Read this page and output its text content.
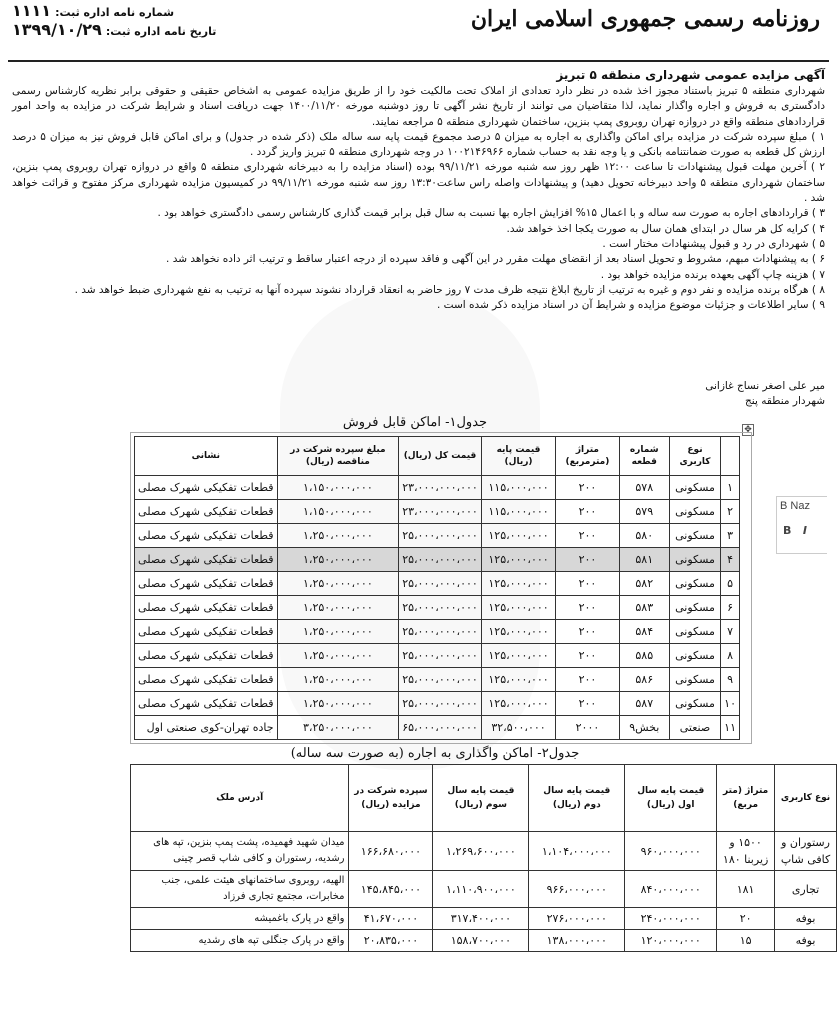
روزنامه رسمی جمهوری اسلامی ایران
شماره نامه اداره ثبت:۱۱۱۱
تاریخ نامه اداره ثبت:۱۳۹۹/۱۰/۲۹
آگهی مزایده عمومی شهرداری منطقه ۵ تبریز

شهرداری منطقه ۵ تبریز باستناد مجوز اخذ شده در نظر دارد تعدادی از املاک تحت مالکیت خود را از طریق مزایده عمومی به اشخاص حقیقی و حقوقی برابر نظریه کارشناس رسمی دادگستری به فروش و اجاره واگذار نماید، لذا متقاضیان می توانند از تاریخ نشر آگهی تا روز دوشنبه مورخه ۱۴۰۰/۱۱/۲۰ جهت دریافت اسناد و شرایط شرکت در مزایده به واحد امور قراردادهای منطقه واقع در دروازه تهران روبروی پمپ بنزین، ساختمان شهرداری منطقه ۵ مراجعه نمایند.

۱ ) مبلغ سپرده شرکت در مزایده برای اماکن واگذاری به اجاره به میزان ۵ درصد مجموع قیمت پایه سه ساله ملک (ذکر شده در جدول) و برای اماکن قابل فروش نیز به میزان ۵ درصد ارزش کل قطعه به صورت ضمانتنامه بانکی و یا وجه نقد به حساب شماره ۱۰۰۲۱۴۶۹۶۶ در وجه شهرداری منطقه ۵ تبریز واریز گردد .

۲ ) آخرین مهلت قبول پیشنهادات تا ساعت ۱۲:۰۰ ظهر روز سه شنبه مورخه ۹۹/۱۱/۲۱ بوده (اسناد مزایده را به دبیرخانه شهرداری منطقه ۵ واقع در دروازه تهران روبروی پمپ بنزین، ساختمان شهرداری منطقه ۵ واحد دبیرخانه تحویل دهید) و پیشنهادات واصله راس ساعت۱۳:۳۰ روز سه شنبه مورخه ۹۹/۱۱/۲۱ در کمیسیون مزایده شهرداری مرکز مفتوح و قرائت خواهد شد .

۳ ) قراردادهای اجاره به صورت سه ساله و با اعمال ۱۵% افزایش اجاره بها نسبت به سال قبل برابر قیمت گذاری کارشناس رسمی دادگستری خواهد بود .

۴ ) کرایه کل هر سال در ابتدای همان سال به صورت یکجا اخذ خواهد شد.

۵ ) شهرداری در رد و قبول پیشنهادات مختار است .

۶ ) به پیشنهادات مبهم، مشروط و تحویل اسناد بعد از انقضای مهلت مقرر در این آگهی و فاقد سپرده از درجه اعتبار ساقط و ترتیب اثر داده نخواهد شد .

۷ ) هزینه چاپ آگهی بعهده برنده مزایده خواهد بود .

۸ ) هرگاه برنده مزایده و نفر دوم و غیره به ترتیب از تاریخ ابلاغ نتیجه ظرف مدت ۷ روز حاضر به انعقاد قرارداد نشوند سپرده آنها به ترتیب به نفع شهرداری ضبط خواهد شد .

۹ ) سایر اطلاعات و جزئیات موضوع مزایده و شرایط آن در اسناد مزایده ذکر شده است .

میر علی اصغر نساج غازانی
شهردار منطقه پنج
جدول۱- اماکن قابل فروش	✥
	نوع کاربری	شماره قطعه	متراژ (مترمربع)	قیمت پایه (ریال)	قیمت کل (ریال)	مبلغ سپرده شرکت در مناقصه (ریال)	نشانی
۱	مسکونی	۵۷۸	۲۰۰	۱۱۵،۰۰۰،۰۰۰	۲۳،۰۰۰،۰۰۰،۰۰۰	۱،۱۵۰،۰۰۰،۰۰۰	قطعات تفکیکی شهرک مصلی
۲	مسکونی	۵۷۹	۲۰۰	۱۱۵،۰۰۰،۰۰۰	۲۳،۰۰۰،۰۰۰،۰۰۰	۱،۱۵۰،۰۰۰،۰۰۰	قطعات تفکیکی شهرک مصلی
۳	مسکونی	۵۸۰	۲۰۰	۱۲۵،۰۰۰،۰۰۰	۲۵،۰۰۰،۰۰۰،۰۰۰	۱،۲۵۰،۰۰۰،۰۰۰	قطعات تفکیکی شهرک مصلی
۴	مسکونی	۵۸۱	۲۰۰	۱۲۵،۰۰۰،۰۰۰	۲۵،۰۰۰،۰۰۰،۰۰۰	۱،۲۵۰،۰۰۰،۰۰۰	قطعات تفکیکی شهرک مصلی
۵	مسکونی	۵۸۲	۲۰۰	۱۲۵،۰۰۰،۰۰۰	۲۵،۰۰۰،۰۰۰،۰۰۰	۱،۲۵۰،۰۰۰،۰۰۰	قطعات تفکیکی شهرک مصلی
۶	مسکونی	۵۸۳	۲۰۰	۱۲۵،۰۰۰،۰۰۰	۲۵،۰۰۰،۰۰۰،۰۰۰	۱،۲۵۰،۰۰۰،۰۰۰	قطعات تفکیکی شهرک مصلی
۷	مسکونی	۵۸۴	۲۰۰	۱۲۵،۰۰۰،۰۰۰	۲۵،۰۰۰،۰۰۰،۰۰۰	۱،۲۵۰،۰۰۰،۰۰۰	قطعات تفکیکی شهرک مصلی
۸	مسکونی	۵۸۵	۲۰۰	۱۲۵،۰۰۰،۰۰۰	۲۵،۰۰۰،۰۰۰،۰۰۰	۱،۲۵۰،۰۰۰،۰۰۰	قطعات تفکیکی شهرک مصلی
۹	مسکونی	۵۸۶	۲۰۰	۱۲۵،۰۰۰،۰۰۰	۲۵،۰۰۰،۰۰۰،۰۰۰	۱،۲۵۰،۰۰۰،۰۰۰	قطعات تفکیکی شهرک مصلی
۱۰	مسکونی	۵۸۷	۲۰۰	۱۲۵،۰۰۰،۰۰۰	۲۵،۰۰۰،۰۰۰،۰۰۰	۱،۲۵۰،۰۰۰،۰۰۰	قطعات تفکیکی شهرک مصلی
۱۱	صنعتی	بخش۹	۲۰۰۰	۳۲،۵۰۰،۰۰۰	۶۵،۰۰۰،۰۰۰،۰۰۰	۳،۲۵۰،۰۰۰،۰۰۰	جاده تهران-کوی صنعتی اول
B Naz
B I
جدول۲- اماکن واگذاری به اجاره (به صورت سه ساله)
نوع کاربری	متراژ (متر مربع)	قیمت پایه سال اول (ریال)	قیمت پایه سال دوم (ریال)	قیمت پایه سال سوم (ریال)	سپرده شرکت در مزایده (ریال)	آدرس ملک
رستوران و کافی شاپ	۱۵۰۰ و زیربنا ۱۸۰	۹۶۰،۰۰۰،۰۰۰	۱،۱۰۴،۰۰۰،۰۰۰	۱،۲۶۹،۶۰۰،۰۰۰	۱۶۶،۶۸۰،۰۰۰	میدان شهید فهمیده، پشت پمپ بنزین، تپه های رشدیه، رستوران و کافی شاپ قصر چینی
تجاری	۱۸۱	۸۴۰،۰۰۰،۰۰۰	۹۶۶،۰۰۰،۰۰۰	۱،۱۱۰،۹۰۰،۰۰۰	۱۴۵،۸۴۵،۰۰۰	الهیه، روبروی ساختمانهای هیئت علمی، جنب مخابرات، مجتمع تجاری فرزاد
بوفه	۲۰	۲۴۰،۰۰۰،۰۰۰	۲۷۶،۰۰۰،۰۰۰	۳۱۷،۴۰۰،۰۰۰	۴۱،۶۷۰،۰۰۰	واقع در پارک باغمیشه
بوفه	۱۵	۱۲۰،۰۰۰،۰۰۰	۱۳۸،۰۰۰،۰۰۰	۱۵۸،۷۰۰،۰۰۰	۲۰،۸۳۵،۰۰۰	واقع در پارک جنگلی تپه های رشدیه
